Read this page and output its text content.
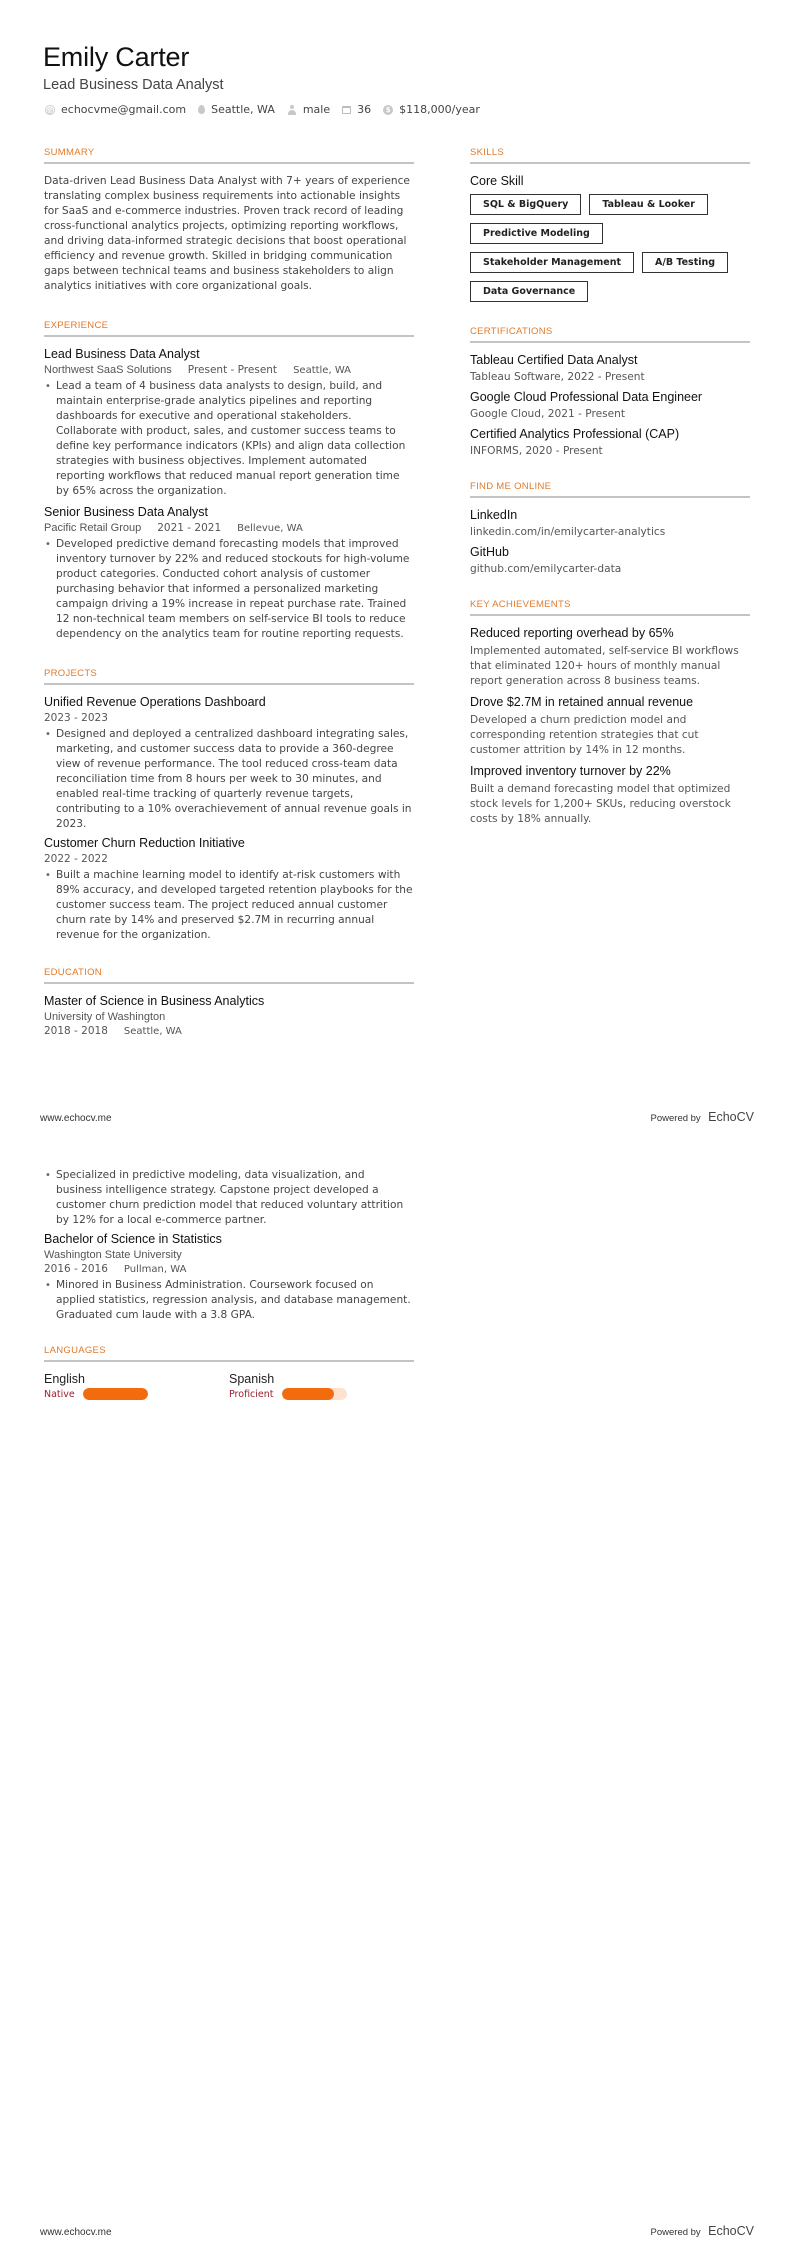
Emily Carter
Lead Business Data Analyst
@ echocvme@gmail.com Seattle, WA	male 36	$ $118,000/year
SUMMARY

Data-driven Lead Business Data Analyst with 7+ years of experience translating complex business requirements into actionable insights for SaaS and e-commerce industries. Proven track record of leading cross-functional analytics projects, optimizing reporting workflows, and driving data-informed strategic decisions that boost operational efficiency and revenue growth. Skilled in bridging communication gaps between technical teams and business stakeholders to align analytics initiatives with core organizational goals.

EXPERIENCE
Lead Business Data Analyst
Northwest SaaS Solutions Present - Present Seattle, WA
• Lead a team of 4 business data analysts to design, build, and maintain enterprise-grade analytics pipelines and reporting dashboards for executive and operational stakeholders. Collaborate with product, sales, and customer success teams to define key performance indicators (KPIs) and align data collection strategies with business objectives. Implement automated reporting workflows that reduced manual report generation time by 65% across the organization.
Senior Business Data Analyst
Pacific Retail Group 2021 - 2021 Bellevue, WA
• Developed predictive demand forecasting models that improved inventory turnover by 22% and reduced stockouts for high-volume product categories. Conducted cohort analysis of customer purchasing behavior that informed a personalized marketing campaign driving a 19% increase in repeat purchase rate. Trained 12 non-technical team members on self-service BI tools to reduce dependency on the analytics team for routine reporting requests.
PROJECTS
Unified Revenue Operations Dashboard
2023 - 2023
• Designed and deployed a centralized dashboard integrating sales, marketing, and customer success data to provide a 360-degree view of revenue performance. The tool reduced cross-team data reconciliation time from 8 hours per week to 30 minutes, and enabled real-time tracking of quarterly revenue targets, contributing to a 10% overachievement of annual revenue goals in 2023.
Customer Churn Reduction Initiative
2022 - 2022
• Built a machine learning model to identify at-risk customers with 89% accuracy, and developed targeted retention playbooks for the customer success team. The project reduced annual customer churn rate by 14% and preserved $2.7M in recurring annual revenue for the organization.
EDUCATION
Master of Science in Business Analytics
University of Washington
2018 - 2018 Seattle, WA
SKILLS
Core Skill
SQL & BigQuery	Tableau & Looker
Predictive Modeling
Stakeholder Management	A/B Testing
Data Governance
CERTIFICATIONS
Tableau Certified Data Analyst
Tableau Software, 2022 - Present
Google Cloud Professional Data Engineer
Google Cloud, 2021 - Present
Certified Analytics Professional (CAP)
INFORMS, 2020 - Present
FIND ME ONLINE
LinkedIn
linkedin.com/in/emilycarter-analytics
GitHub
github.com/emilycarter-data
KEY ACHIEVEMENTS
Reduced reporting overhead by 65%
Implemented automated, self-service BI workflows that eliminated 120+ hours of monthly manual report generation across 8 business teams.
Drove $2.7M in retained annual revenue
Developed a churn prediction model and corresponding retention strategies that cut customer attrition by 14% in 12 months.
Improved inventory turnover by 22%
Built a demand forecasting model that optimized stock levels for 1,200+ SKUs, reducing overstock costs by 18% annually.
www.echocv.me	Powered by EchoCV
• Specialized in predictive modeling, data visualization, and business intelligence strategy. Capstone project developed a customer churn prediction model that reduced voluntary attrition by 12% for a local e-commerce partner.
Bachelor of Science in Statistics
Washington State University
2016 - 2016 Pullman, WA
• Minored in Business Administration. Coursework focused on applied statistics, regression analysis, and database management. Graduated cum laude with a 3.8 GPA.
LANGUAGES
English
Native
Spanish
Proficient
www.echocv.me	Powered by EchoCV
